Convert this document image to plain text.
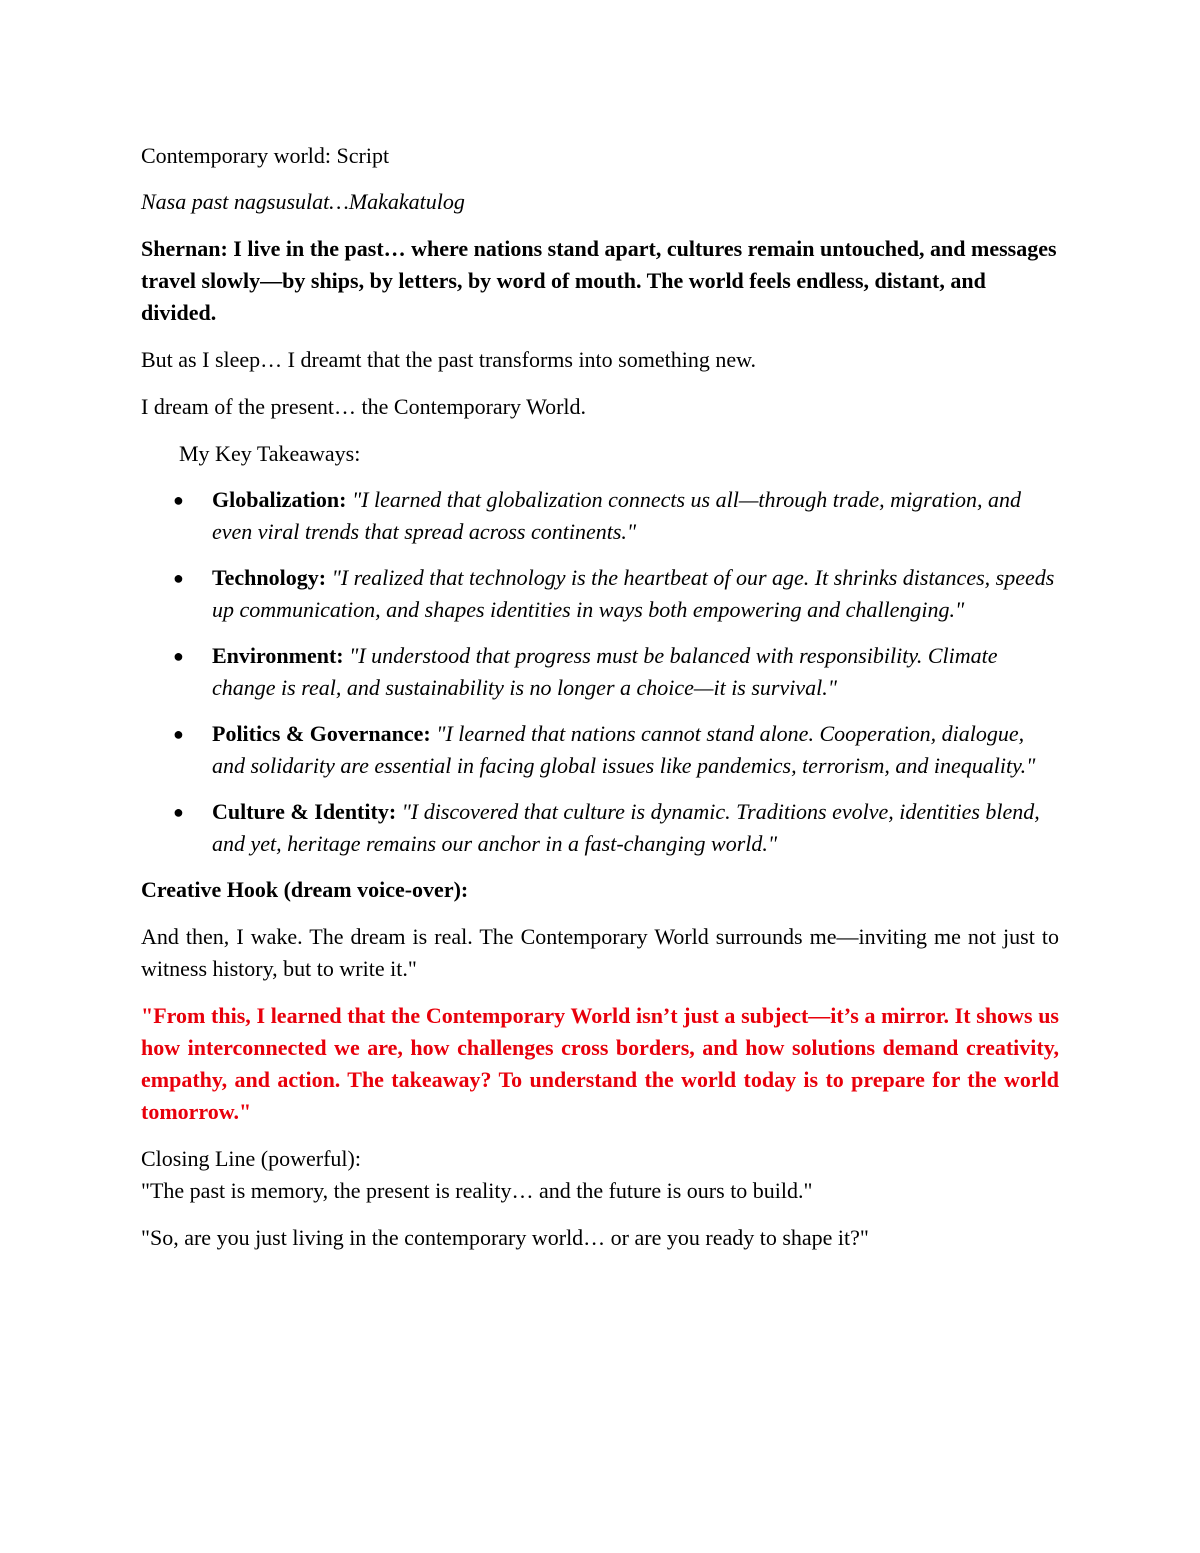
Contemporary world: Script

Nasa past nagsusulat…Makakatulog

Shernan: I live in the past… where nations stand apart, cultures remain untouched, and messages travel slowly—by ships, by letters, by word of mouth. The world feels endless, distant, and divided.

But as I sleep… I dreamt that the past transforms into something new.

I dream of the present… the Contemporary World.

My Key Takeaways:

● Globalization: "I learned that globalization connects us all—through trade, migration, and even viral trends that spread across continents."
● Technology: "I realized that technology is the heartbeat of our age. It shrinks distances, speeds up communication, and shapes identities in ways both empowering and challenging."
● Environment: "I understood that progress must be balanced with responsibility. Climate change is real, and sustainability is no longer a choice—it is survival."
● Politics & Governance: "I learned that nations cannot stand alone. Cooperation, dialogue, and solidarity are essential in facing global issues like pandemics, terrorism, and inequality."
● Culture & Identity: "I discovered that culture is dynamic. Traditions evolve, identities blend, and yet, heritage remains our anchor in a fast-changing world."

Creative Hook (dream voice-over):

And then, I wake. The dream is real. The Contemporary World surrounds me—inviting me not just to witness history, but to write it."

"From this, I learned that the Contemporary World isn’t just a subject—it’s a mirror. It shows us how interconnected we are, how challenges cross borders, and how solutions demand creativity, empathy, and action. The takeaway? To understand the world today is to prepare for the world tomorrow."

Closing Line (powerful):
"The past is memory, the present is reality… and the future is ours to build."

"So, are you just living in the contemporary world… or are you ready to shape it?"
